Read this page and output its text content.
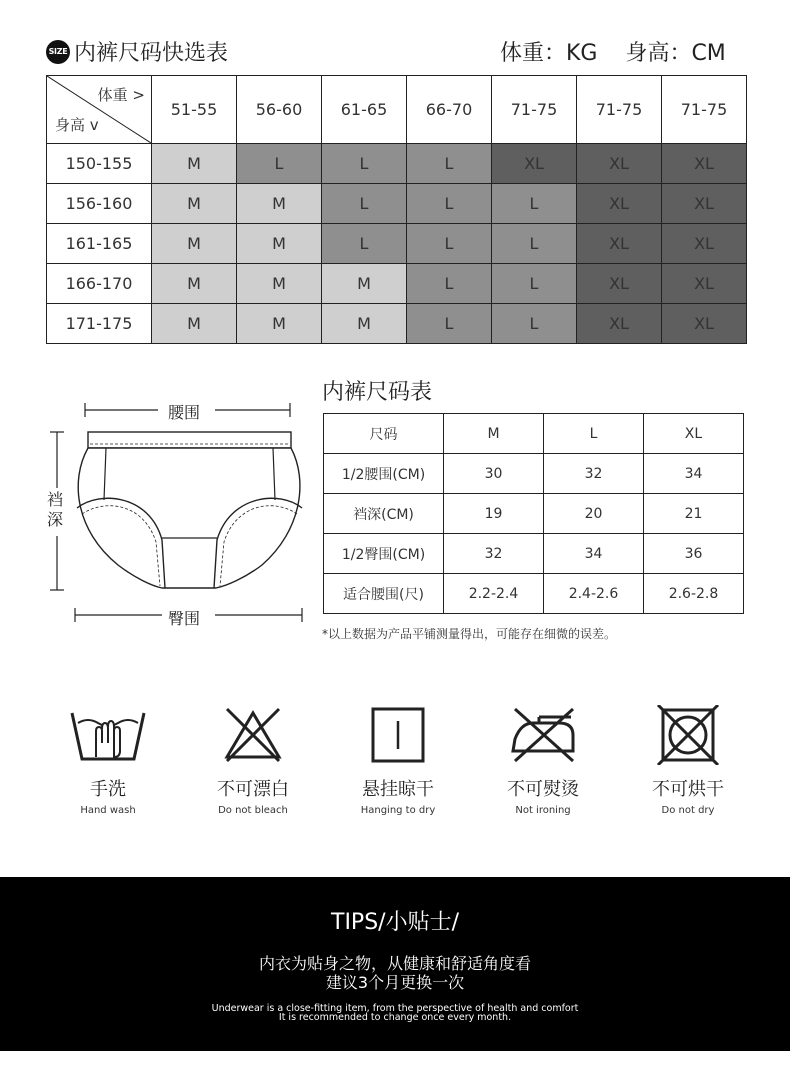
SIZE 内裤尺码快选表	体重：KG    身高：CM
体重 >
身高 v	51-55	56-60	61-65	66-70	71-75	71-75	71-75
150-155	M	L	L	L	XL	XL	XL
156-160	M	M	L	L	L	XL	XL
161-165	M	M	L	L	L	XL	XL
166-170	M	M	M	L	L	XL	XL
171-175	M	M	M	L	L	XL	XL
腰围
裆深
臀围
内裤尺码表
尺码	M	L	XL
1/2腰围(CM)	30	32	34
裆深(CM)	19	20	21
1/2臀围(CM)	32	34	36
适合腰围(尺)	2.2-2.4	2.4-2.6	2.6-2.8
*以上数据为产品平铺测量得出，可能存在细微的误差。
手洗
Hand wash
不可漂白
Do not bleach
悬挂晾干
Hanging to dry
不可熨烫
Not ironing
不可烘干
Do not dry
TIPS/小贴士/
内衣为贴身之物，从健康和舒适角度看
建议3个月更换一次
Underwear is a close-fitting item, from the perspective of health and comfort
It is recommended to change once every month.
